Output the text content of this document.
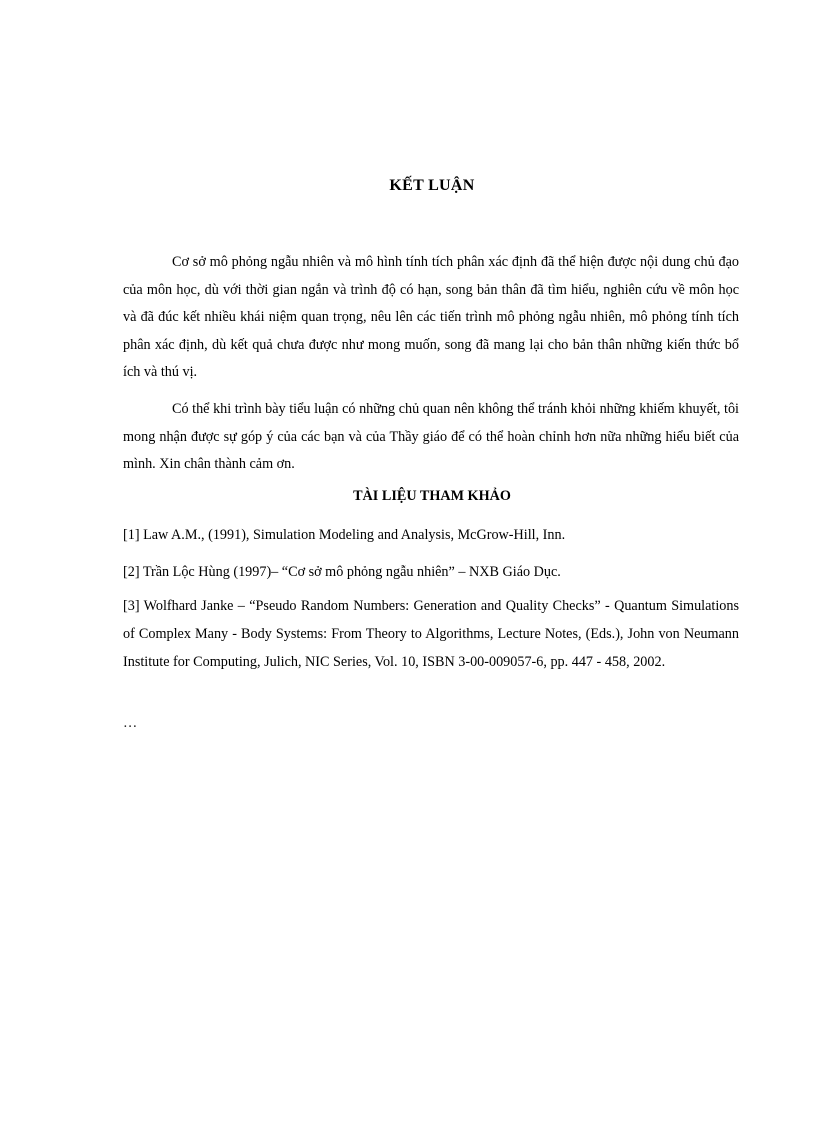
KẾT LUẬN

Cơ sở mô phỏng ngẫu nhiên và mô hình tính tích phân xác định đã thể hiện được nội dung chủ đạo của môn học, dù với thời gian ngắn và trình độ có hạn, song bản thân đã tìm hiểu, nghiên cứu về môn học và đã đúc kết nhiều khái niệm quan trọng, nêu lên các tiến trình mô phỏng ngẫu nhiên, mô phỏng tính tích phân xác định, dù kết quả chưa được như mong muốn, song đã mang lại cho bản thân những kiến thức bổ ích và thú vị.

Có thể khi trình bày tiểu luận có những chủ quan nên không thể tránh khỏi những khiếm khuyết, tôi mong nhận được sự góp ý của các bạn và của Thầy giáo để có thể hoàn chỉnh hơn nữa những hiểu biết của mình. Xin chân thành cảm ơn.

TÀI LIỆU THAM KHẢO

[1] Law A.M., (1991), Simulation Modeling and Analysis, McGrow-Hill, Inn.

[2] Trần Lộc Hùng (1997)– “Cơ sở mô phỏng ngẫu nhiên” – NXB Giáo Dục.

[3] Wolfhard Janke – “Pseudo Random Numbers: Generation and Quality Checks” - Quantum Simulations of Complex Many - Body Systems: From Theory to Algorithms, Lecture Notes, (Eds.), John von Neumann Institute for Computing, Julich, NIC Series, Vol. 10, ISBN 3-00-009057-6, pp. 447 - 458, 2002.

…
